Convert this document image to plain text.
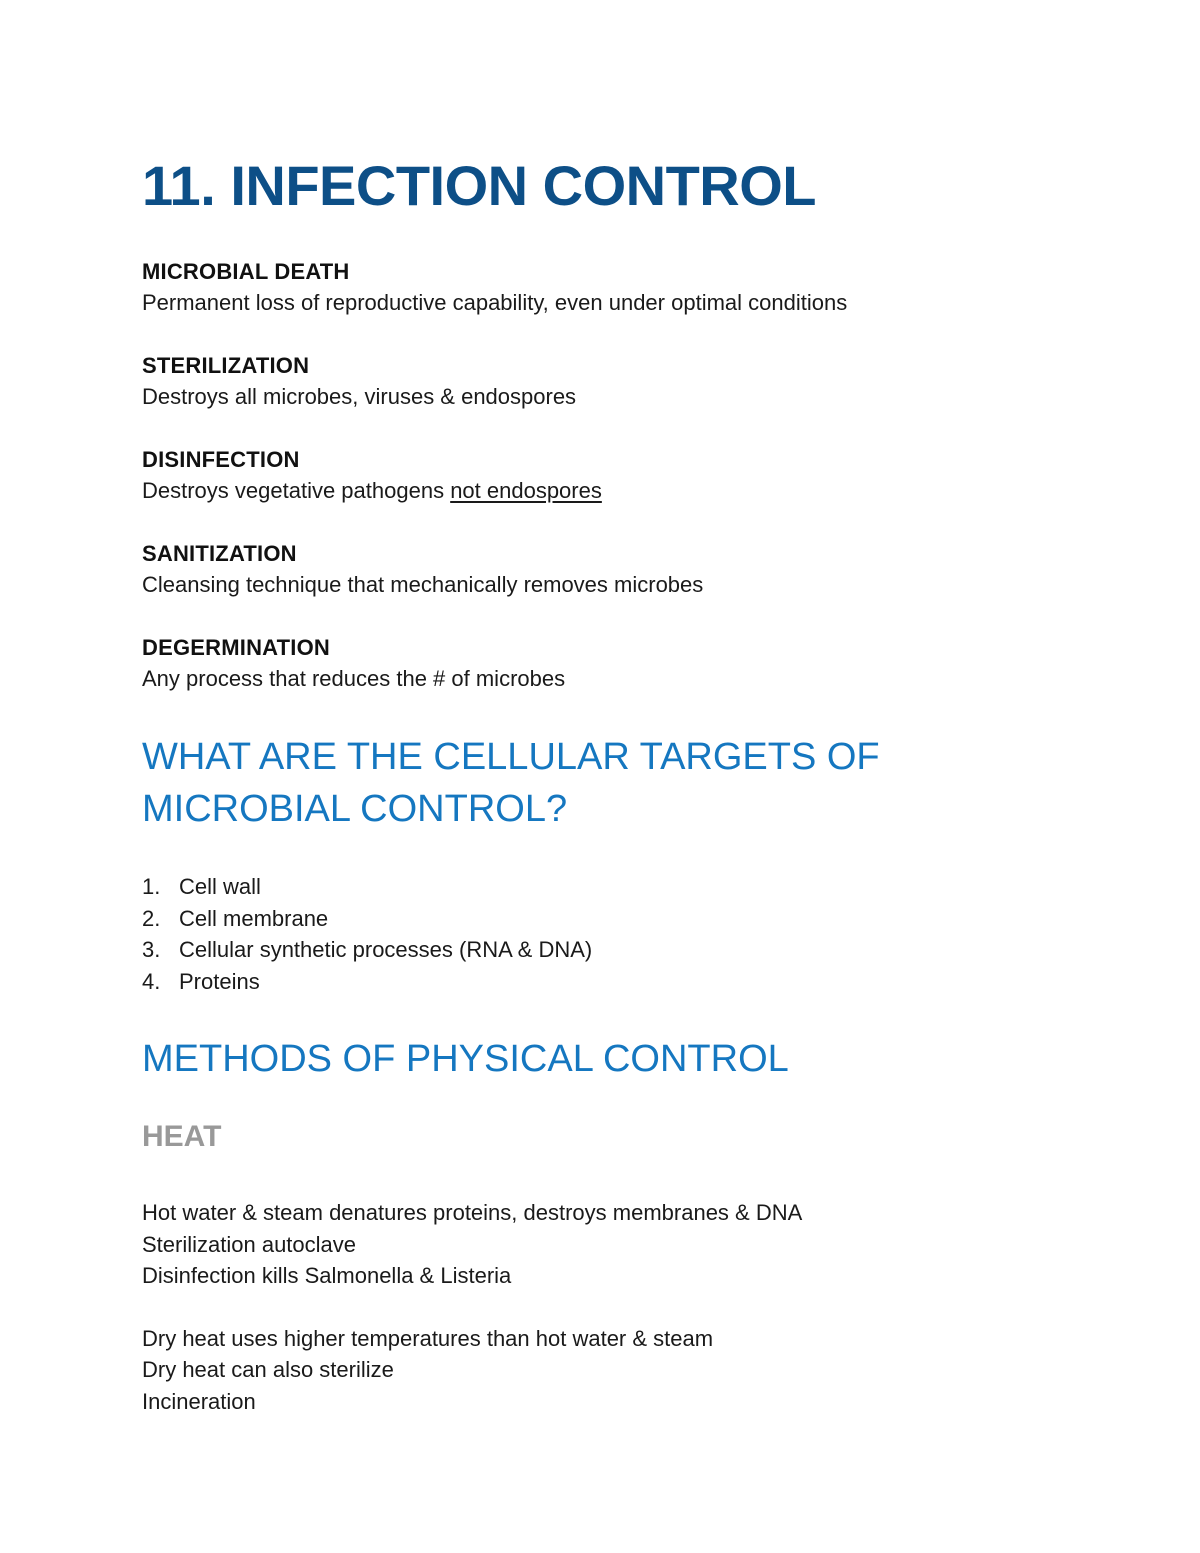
11. INFECTION CONTROL

MICROBIAL DEATH

Permanent loss of reproductive capability, even under optimal conditions

STERILIZATION

Destroys all microbes, viruses & endospores

DISINFECTION

Destroys vegetative pathogens not endospores

SANITIZATION

Cleansing technique that mechanically removes microbes

DEGERMINATION

Any process that reduces the # of microbes

WHAT ARE THE CELLULAR TARGETS OF
MICROBIAL CONTROL?
1. Cell wall
2. Cell membrane
3. Cellular synthetic processes (RNA & DNA)
4. Proteins
METHODS OF PHYSICAL CONTROL
HEAT

Hot water & steam denatures proteins, destroys membranes & DNA

Sterilization autoclave

Disinfection kills Salmonella & Listeria

Dry heat uses higher temperatures than hot water & steam

Dry heat can also sterilize

Incineration
